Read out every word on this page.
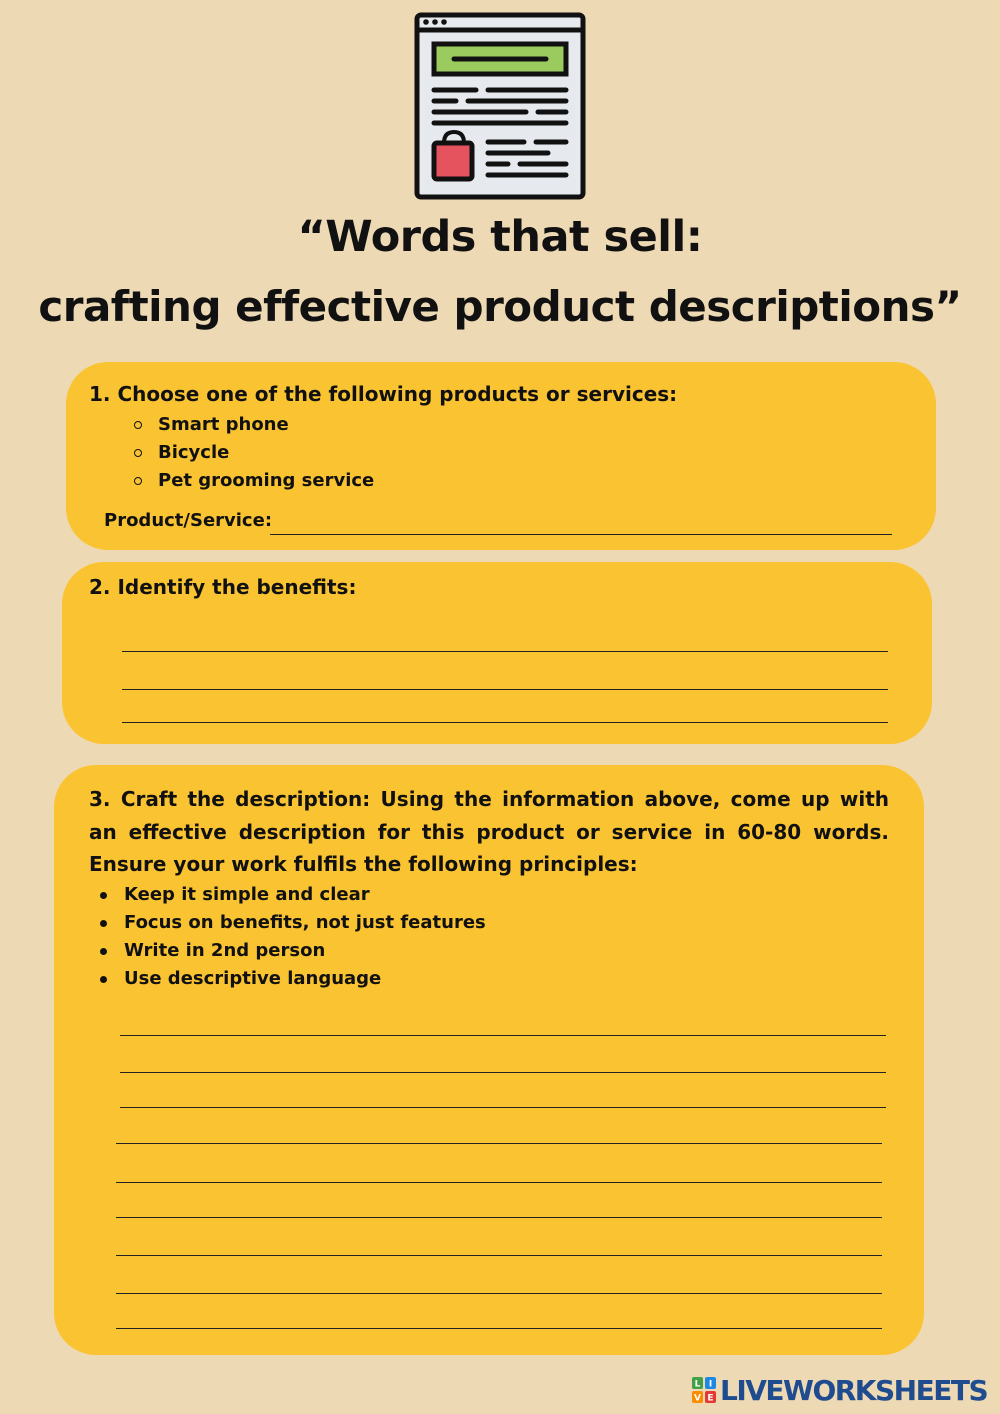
“Words that sell:
crafting effective product descriptions”

1. Choose one of the following products or services:

Smart phone
Bicycle
Pet grooming service
Product/Service:

2. Identify the benefits:

3. Craft the description: Using the information above, come up with an effective description for this product or service in 60-80 words. Ensure your work fulfils the following principles:

Keep it simple and clear
Focus on benefits, not just features
Write in 2nd person
Use descriptive language
L I
V E LIVEWORKSHEETS
